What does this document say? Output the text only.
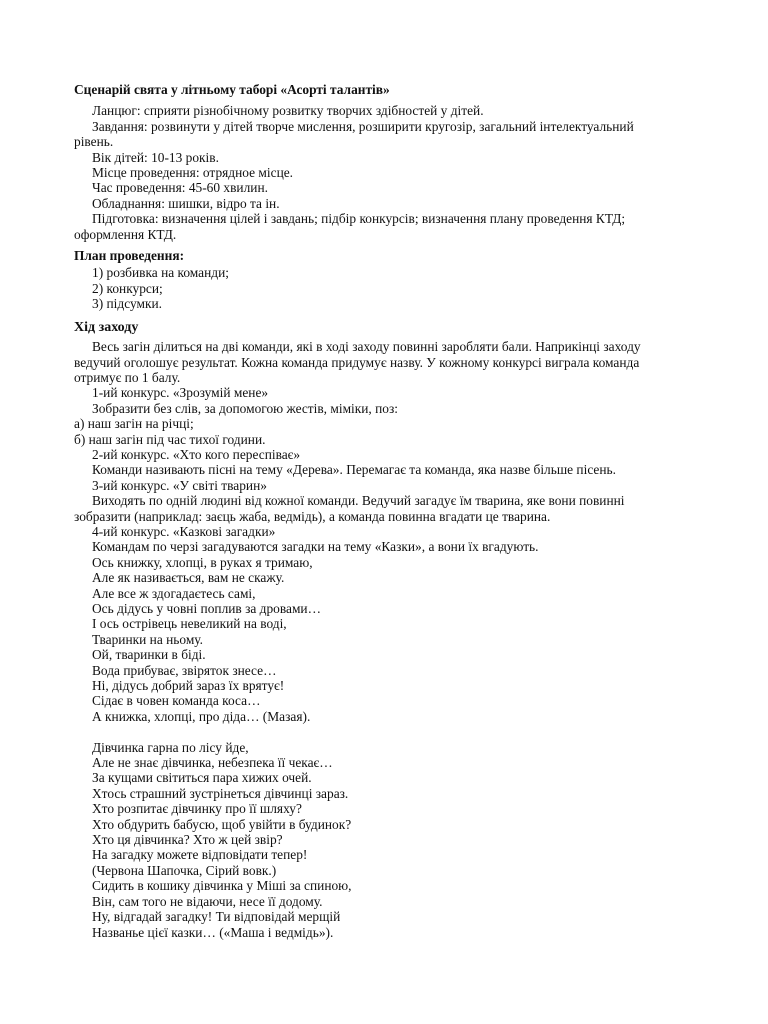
Сценарій свята у літньому таборі «Асорті талантів»

Ланцюг: сприяти різнобічному розвитку творчих здібностей у дітей.

Завдання: розвинути у дітей творче мислення, розширити кругозір, загальний інтелектуальний

рівень.

Вік дітей: 10-13 років.

Місце проведення: отрядное місце.

Час проведення: 45-60 хвилин.

Обладнання: шишки, відро та ін.

Підготовка: визначення цілей і завдань; підбір конкурсів; визначення плану проведення КТД;

оформлення КТД.

План проведення:

1) розбивка на команди;

2) конкурси;

3) підсумки.

Хід заходу

Весь загін ділиться на дві команди, які в ході заходу повинні заробляти бали. Наприкінці заходу

ведучий оголошує результат. Кожна команда придумує назву. У кожному конкурсі виграла команда

отримує по 1 балу.

1-ий конкурс. «Зрозумій мене»

Зобразити без слів, за допомогою жестів, міміки, поз:

а) наш загін на річці;

б) наш загін під час тихої години.

2-ий конкурс. «Хто кого переспіває»

Команди називають пісні на тему «Дерева». Перемагає та команда, яка назве більше пісень.

3-ий конкурс. «У світі тварин»

Виходять по одній людині від кожної команди. Ведучий загадує їм тварина, яке вони повинні

зобразити (наприклад: заєць жаба, ведмідь), а команда повинна вгадати це тварина.

4-ий конкурс. «Казкові загадки»

Командам по черзі загадуваются загадки на тему «Казки», а вони їх вгадують.

Ось книжку, хлопці, в руках я тримаю,

Але як називається, вам не скажу.

Але все ж здогадаєтесь самі,

Ось дідусь у човні поплив за дровами…

І ось острівець невеликий на воді,

Тваринки на ньому.

Ой, тваринки в біді.

Вода прибуває, звіряток знесе…

Ні, дідусь добрий зараз їх врятує!

Сідає в човен команда коса…

А книжка, хлопці, про діда… (Мазая).

Дівчинка гарна по лісу йде,

Але не знає дівчинка, небезпека її чекає…

За кущами світиться пара хижих очей.

Хтось страшний зустрінеться дівчинці зараз.

Хто розпитає дівчинку про її шляху?

Хто обдурить бабусю, щоб увійти в будинок?

Хто ця дівчинка? Хто ж цей звір?

На загадку можете відповідати тепер!

(Червона Шапочка, Сірий вовк.)

Сидить в кошику дівчинка у Міші за спиною,

Він, сам того не відаючи, несе її додому.

Ну, відгадай загадку! Ти відповідай мерщій

Названье цієї казки… («Маша і ведмідь»).
